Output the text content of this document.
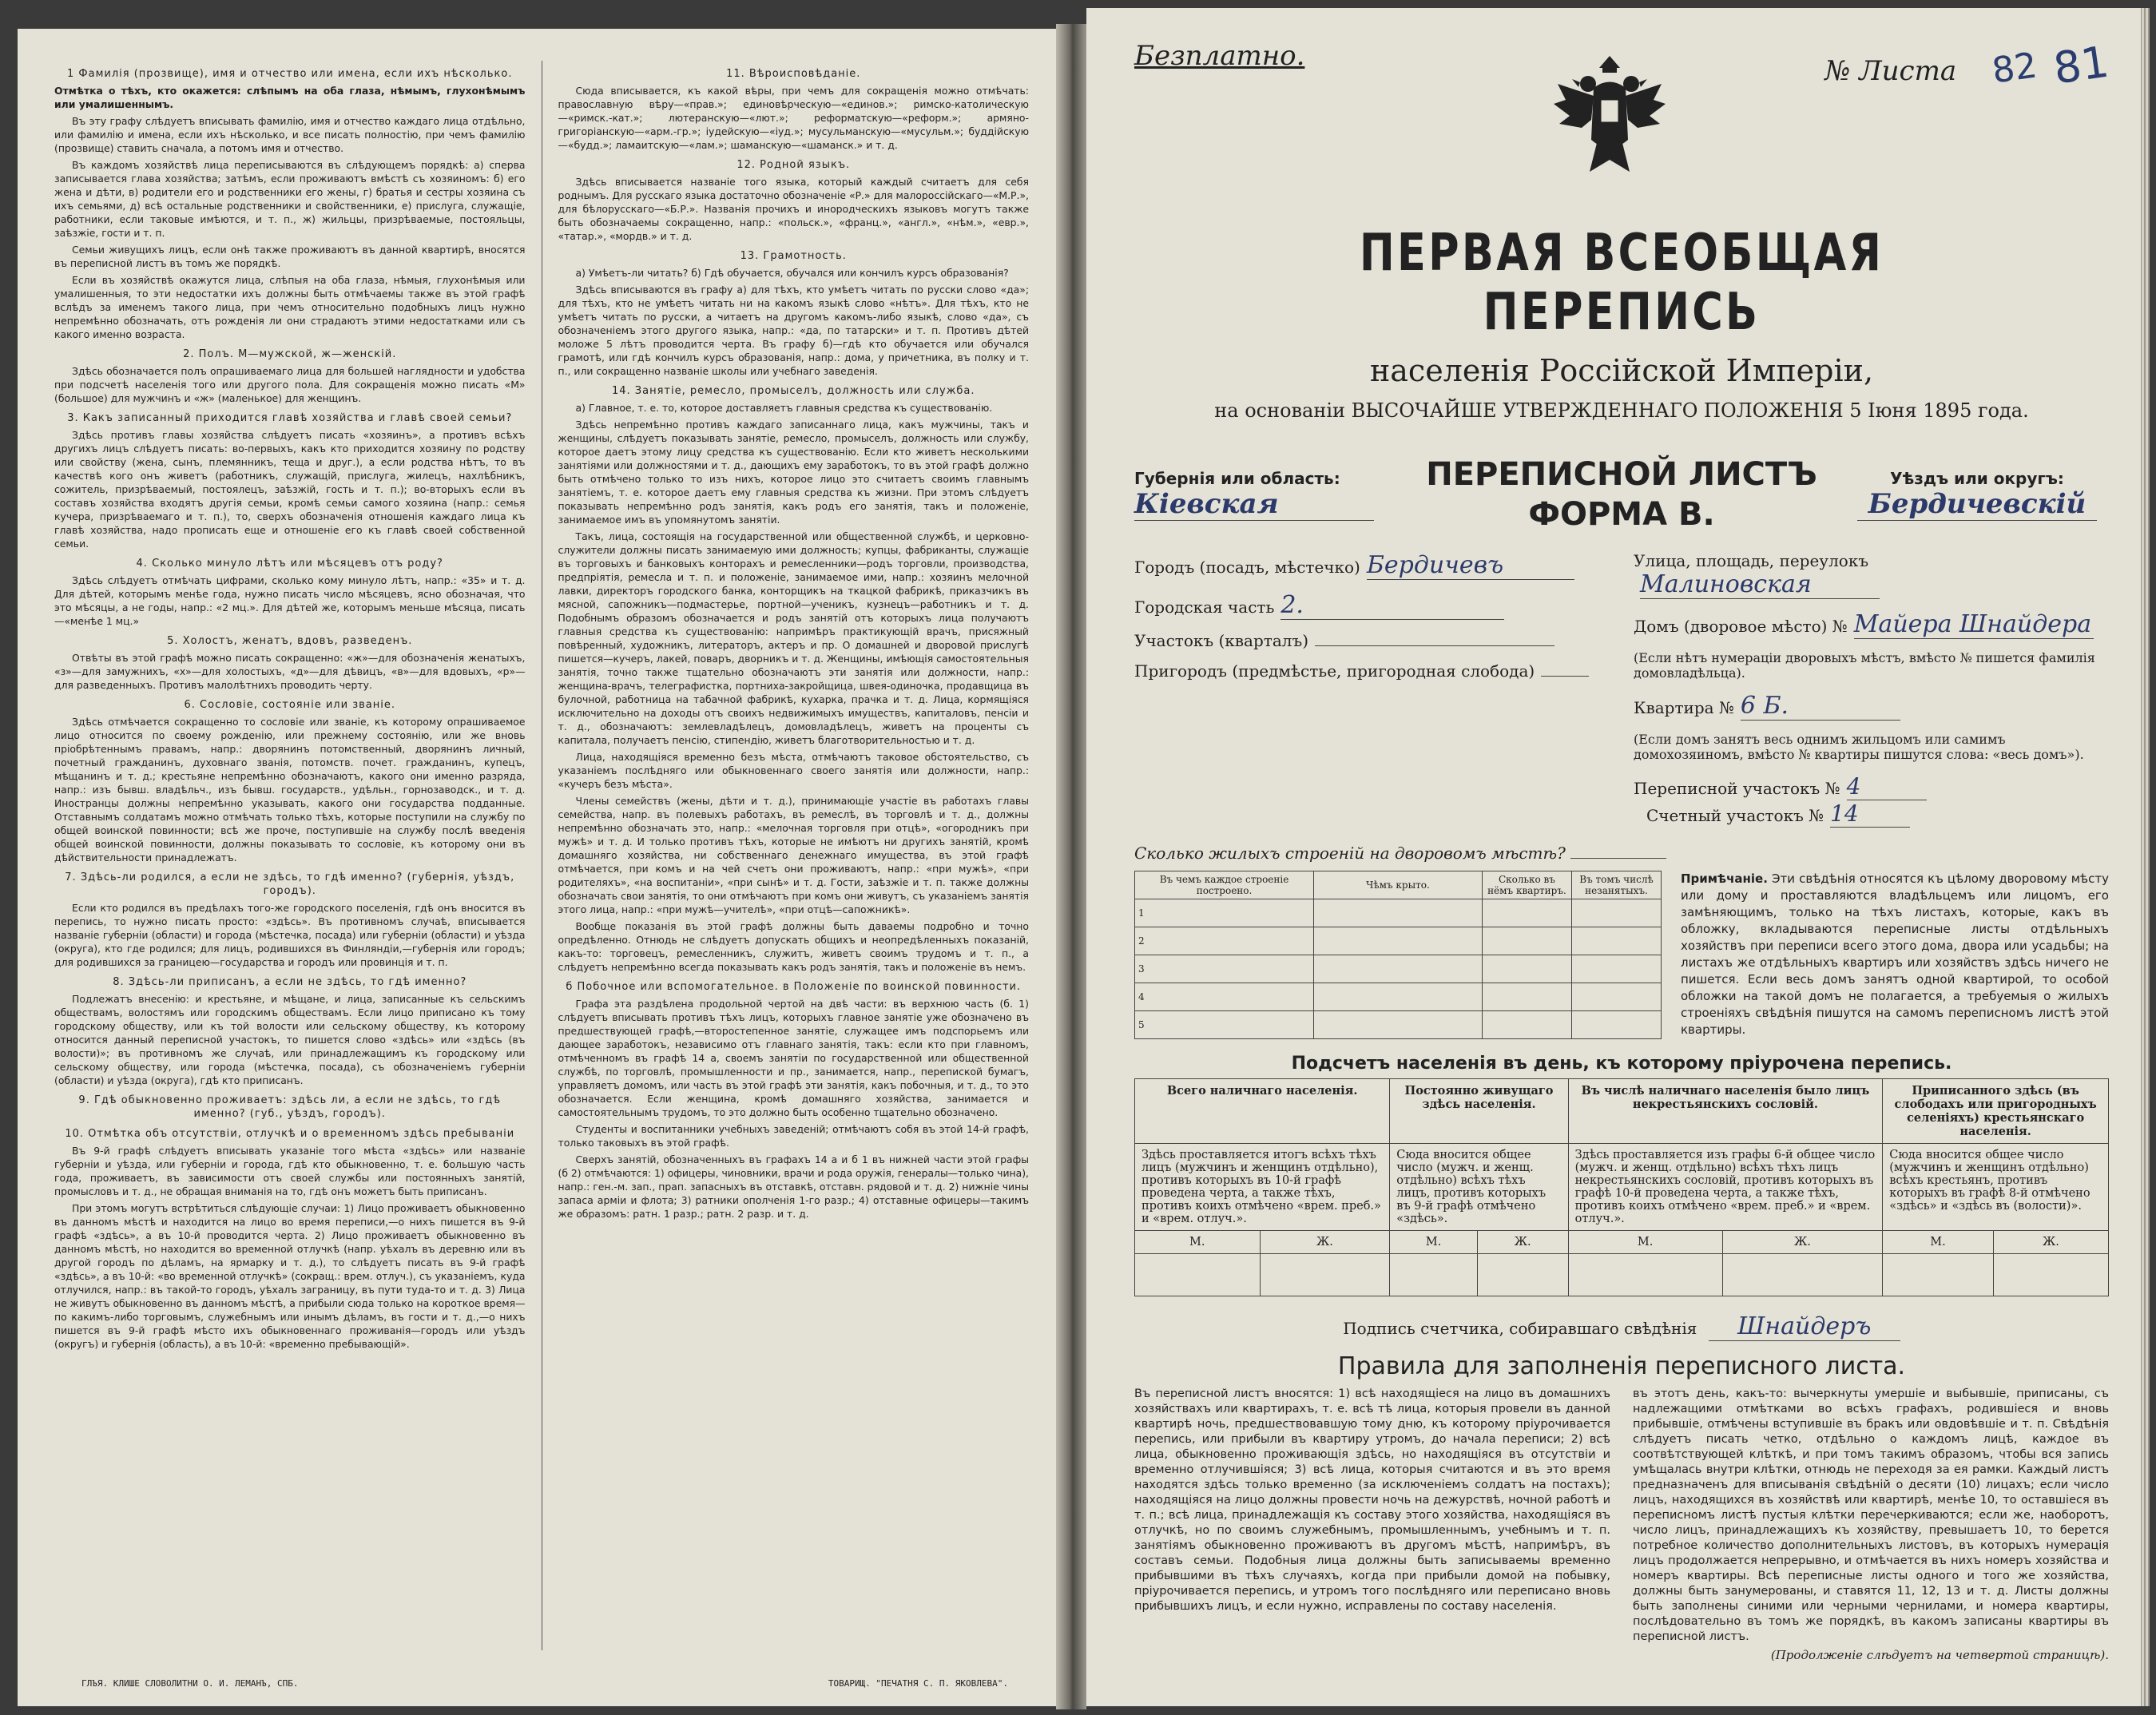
1 Фамилія (прозвище), имя и отчество или имена, если ихъ нѣсколько.

Отмѣтка о тѣхъ, кто окажется: слѣпымъ на оба глаза, нѣмымъ, глухонѣмымъ или умалишеннымъ.

Въ эту графу слѣдуетъ вписывать фамилію, имя и отчество каждаго лица отдѣльно, или фамилію и имена, если ихъ нѣсколько, и все писать полностію, при чемъ фамилію (прозвище) ставить сначала, а потомъ имя и отчество.

Въ каждомъ хозяйствѣ лица переписываются въ слѣдующемъ порядкѣ: а) сперва записывается глава хозяйства; затѣмъ, если проживаютъ вмѣстѣ съ хозяиномъ: б) его жена и дѣти, в) родители его и родственники его жены, г) братья и сестры хозяина съ ихъ семьями, д) всѣ остальные родственники и свойственники, е) прислуга, служащіе, работники, если таковые имѣются, и т. п., ж) жильцы, призрѣваемые, постояльцы, заѣзжіе, гости и т. п.

Семьи живущихъ лицъ, если онѣ также проживаютъ въ данной квартирѣ, вносятся въ переписной листъ въ томъ же порядкѣ.

Если въ хозяйствѣ окажутся лица, слѣпыя на оба глаза, нѣмыя, глухонѣмыя или умалишенныя, то эти недостатки ихъ должны быть отмѣчаемы также въ этой графѣ вслѣдъ за именемъ такого лица, при чемъ относительно подобныхъ лицъ нужно непремѣнно обозначать, отъ рожденія ли они страдаютъ этими недостатками или съ какого именно возраста.

2. Полъ. М—мужской, ж—женскій.

Здѣсь обозначается полъ опрашиваемаго лица для большей наглядности и удобства при подсчетѣ населенія того или другого пола. Для сокращенія можно писать «М» (большое) для мужчинъ и «ж» (маленькое) для женщинъ.

3. Какъ записанный приходится главѣ хозяйства и главѣ своей семьи?

Здѣсь противъ главы хозяйства слѣдуетъ писать «хозяинъ», а противъ всѣхъ другихъ лицъ слѣдуетъ писать: во-первыхъ, какъ кто приходится хозяину по родству или свойству (жена, сынъ, племянникъ, теща и друг.), а если родства нѣтъ, то въ качествѣ кого онъ живетъ (работникъ, служащій, прислуга, жилецъ, нахлѣбникъ, сожитель, призрѣваемый, постоялецъ, заѣзжій, гость и т. п.); во-вторыхъ если въ составъ хозяйства входятъ другія семьи, кромѣ семьи самого хозяина (напр.: семья кучера, призрѣваемаго и т. п.), то, сверхъ обозначенія отношенія каждаго лица къ главѣ хозяйства, надо прописать еще и отношеніе его къ главѣ своей собственной семьи.

4. Сколько минуло лѣтъ или мѣсяцевъ отъ роду?

Здѣсь слѣдуетъ отмѣчать цифрами, сколько кому минуло лѣтъ, напр.: «35» и т. д. Для дѣтей, которымъ менѣе года, нужно писать число мѣсяцевъ, ясно обозначая, что это мѣсяцы, а не годы, напр.: «2 мц.». Для дѣтей же, которымъ меньше мѣсяца, писать—«менѣе 1 мц.»

5. Холостъ, женатъ, вдовъ, разведенъ.

Отвѣты въ этой графѣ можно писать сокращенно: «ж»—для обозначенія женатыхъ, «з»—для замужнихъ, «х»—для холостыхъ, «д»—для дѣвицъ, «в»—для вдовыхъ, «р»—для разведенныхъ. Противъ малолѣтнихъ проводить черту.

6. Сословіе, состояніе или званіе.

Здѣсь отмѣчается сокращенно то сословіе или званіе, къ которому опрашиваемое лицо относится по своему рожденію, или прежнему состоянію, или же вновь пріобрѣтеннымъ правамъ, напр.: дворянинъ потомственный, дворянинъ личный, почетный гражданинъ, духовнаго званія, потомств. почет. гражданинъ, купецъ, мѣщанинъ и т. д.; крестьяне непремѣнно обозначаютъ, какого они именно разряда, напр.: изъ бывш. владѣльч., изъ бывш. государств., удѣльн., горнозаводск., и т. д. Иностранцы должны непремѣнно указывать, какого они государства подданные. Отставнымъ солдатамъ можно отмѣчать только тѣхъ, которые поступили на службу по общей воинской повинности; всѣ же проче, поступившіе на службу послѣ введенія общей воинской повинности, должны показывать то сословіе, къ которому они въ дѣйствительности принадлежатъ.

7. Здѣсь-ли родился, а если не здѣсь, то гдѣ именно? (губернія, уѣздъ, городъ).

Если кто родился въ предѣлахъ того-же городского поселенія, гдѣ онъ вносится въ перепись, то нужно писать просто: «здѣсь». Въ противномъ случаѣ, вписывается названіе губерніи (области) и города (мѣстечка, посада) или губерніи (области) и уѣзда (округа), кто где родился; для лицъ, родившихся въ Финляндіи,—губернія или городъ; для родившихся за границею—государства и городъ или провинція и т. п.

8. Здѣсь-ли приписанъ, а если не здѣсь, то гдѣ именно?

Подлежатъ внесенію: и крестьяне, и мѣщане, и лица, записанные къ сельскимъ обществамъ, волостямъ или городскимъ обществамъ. Если лицо приписано къ тому городскому обществу, или къ той волости или сельскому обществу, къ которому относится данный переписной участокъ, то пишется слово «здѣсь» или «здѣсь (въ волости)»; въ противномъ же случаѣ, или принадлежащимъ къ городскому или сельскому обществу, или города (мѣстечка, посада), съ обозначеніемъ губерніи (области) и уѣзда (округа), гдѣ кто приписанъ.

9. Гдѣ обыкновенно проживаетъ: здѣсь ли, а если не здѣсь, то гдѣ именно? (губ., уѣздъ, городъ).
10. Отмѣтка объ отсутствіи, отлучкѣ и о временномъ здѣсь пребываніи

Въ 9-й графѣ слѣдуетъ вписывать указаніе того мѣста «здѣсь» или названіе губерніи и уѣзда, или губерніи и города, гдѣ кто обыкновенно, т. е. большую часть года, проживаетъ, въ зависимости отъ своей службы или постоянныхъ занятій, промысловъ и т. д., не обращая вниманія на то, гдѣ онъ можетъ быть приписанъ.

При этомъ могутъ встрѣтиться слѣдующіе случаи: 1) Лицо проживаетъ обыкновенно въ данномъ мѣстѣ и находится на лицо во время переписи,—о нихъ пишется въ 9-й графѣ «здѣсь», а въ 10-й проводится черта. 2) Лицо проживаетъ обыкновенно въ данномъ мѣстѣ, но находится во временной отлучкѣ (напр. уѣхалъ въ деревню или въ другой городъ по дѣламъ, на ярмарку и т. д.), то слѣдуетъ писать въ 9-й графѣ «здѣсь», а въ 10-й: «во временной отлучкѣ» (сокращ.: врем. отлуч.), съ указаніемъ, куда отлучился, напр.: въ такой-то городъ, уѣхалъ заграницу, въ пути туда-то и т. д. 3) Лица не живутъ обыкновенно въ данномъ мѣстѣ, а прибыли сюда только на короткое время—по какимъ-либо торговымъ, служебнымъ или инымъ дѣламъ, въ гости и т. д.,—о нихъ пишется въ 9-й графѣ мѣсто ихъ обыкновеннаго проживанія—городъ или уѣздъ (округъ) и губернія (область), а въ 10-й: «временно пребывающій».

11. Вѣроисповѣданіе.

Сюда вписывается, къ какой вѣры, при чемъ для сокращенія можно отмѣчать: православную вѣру—«прав.»; единовѣрческую—«единов.»; римско-католическую—«римск.-кат.»; лютеранскую—«лют.»; реформатскую—«реформ.»; армяно-григоріанскую—«арм.-гр.»; іудейскую—«іуд.»; мусульманскую—«мусульм.»; буддійскую—«будд.»; ламаитскую—«лам.»; шаманскую—«шаманск.» и т. д.

12. Родной языкъ.

Здѣсь вписывается названіе того языка, который каждый считаетъ для себя роднымъ. Для русскаго языка достаточно обозначеніе «Р.» для малороссійскаго—«М.Р.», для бѣлорусскаго—«Б.Р.». Названія прочихъ и инородческихъ языковъ могутъ также быть обозначаемы сокращенно, напр.: «польск.», «франц.», «англ.», «нѣм.», «евр.», «татар.», «мордв.» и т. д.

13. Грамотность.

а) Умѣетъ-ли читать? б) Гдѣ обучается, обучался или кончилъ курсъ образованія?

Здѣсь вписываются въ графу а) для тѣхъ, кто умѣетъ читать по русски слово «да»; для тѣхъ, кто не умѣетъ читать ни на какомъ языкѣ слово «нѣтъ». Для тѣхъ, кто не умѣетъ читать по русски, а читаетъ на другомъ какомъ-либо языкѣ, слово «да», съ обозначеніемъ этого другого языка, напр.: «да, по татарски» и т. п. Противъ дѣтей моложе 5 лѣтъ проводится черта. Въ графу б)—гдѣ кто обучается или обучался грамотѣ, или гдѣ кончилъ курсъ образованія, напр.: дома, у причетника, въ полку и т. п., или сокращенно названіе школы или учебнаго заведенія.

14. Занятіе, ремесло, промыселъ, должность или служба.

а) Главное, т. е. то, которое доставляетъ главныя средства къ существованію.

Здѣсь непремѣнно противъ каждаго записаннаго лица, какъ мужчины, такъ и женщины, слѣдуетъ показывать занятіе, ремесло, промыселъ, должность или службу, которое даетъ этому лицу средства къ существованію. Если кто живетъ несколькими занятіями или должностями и т. д., дающихъ ему заработокъ, то въ этой графѣ должно быть отмѣчено только то изъ нихъ, которое лицо это считаетъ своимъ главнымъ занятіемъ, т. е. которое даетъ ему главныя средства къ жизни. При этомъ слѣдуетъ показывать непремѣнно родъ занятія, какъ родъ его занятія, такъ и положеніе, занимаемое имъ въ упомянутомъ занятіи.

Такъ, лица, состоящія на государственной или общественной службѣ, и церковно-служители должны писать занимаемую ими должность; купцы, фабриканты, служащіе въ торговыхъ и банковыхъ конторахъ и ремесленники—родъ торговли, производства, предпріятія, ремесла и т. п. и положеніе, занимаемое ими, напр.: хозяинъ мелочной лавки, директоръ городского банка, конторщикъ на ткацкой фабрикѣ, приказчикъ въ мясной, сапожникъ—подмастерье, портной—ученикъ, кузнецъ—работникъ и т. д. Подобнымъ образомъ обозначается и родъ занятій отъ которыхъ лица получаютъ главныя средства къ существованію: напримѣръ практикующій врачъ, присяжный повѣренный, художникъ, литераторъ, актеръ и пр. О домашней и дворовой прислугѣ пишется—кучеръ, лакей, поваръ, дворникъ и т. д. Женщины, имѣющія самостоятельныя занятія, точно также тщательно обозначаютъ эти занятія или должности, напр.: женщина-врачъ, телеграфистка, портниха-закройщица, швея-одиночка, продавщица въ булочной, работница на табачной фабрикѣ, кухарка, прачка и т. д. Лица, кормящіяся исключительно на доходы отъ своихъ недвижимыхъ имуществъ, капиталовъ, пенсіи и т. д., обозначаютъ: землевладѣлецъ, домовладѣлецъ, живетъ на проценты съ капитала, получаетъ пенсію, стипендію, живетъ благотворительностью и т. д.

Лица, находящіяся временно безъ мѣста, отмѣчаютъ таковое обстоятельство, съ указаніемъ послѣдняго или обыкновеннаго своего занятія или должности, напр.: «кучеръ безъ мѣста».

Члены семействъ (жены, дѣти и т. д.), принимающіе участіе въ работахъ главы семейства, напр. въ полевыхъ работахъ, въ ремеслѣ, въ торговлѣ и т. д., должны непремѣнно обозначать это, напр.: «мелочная торговля при отцѣ», «огородникъ при мужѣ» и т. д. И только противъ тѣхъ, которые не имѣютъ ни другихъ занятій, кромѣ домашняго хозяйства, ни собственнаго денежнаго имущества, въ этой графѣ отмѣчается, при комъ и на чей счетъ они проживаютъ, напр.: «при мужѣ», «при родителяхъ», «на воспитаніи», «при сынѣ» и т. д. Гости, заѣзжіе и т. п. также должны обозначать свои занятія, то они отмѣчаютъ при комъ они живутъ, съ указаніемъ занятія этого лица, напр.: «при мужѣ—учителѣ», «при отцѣ—сапожникѣ».

Вообще показанія въ этой графѣ должны быть даваемы подробно и точно опредѣленно. Отнюдь не слѣдуетъ допускать общихъ и неопредѣленныхъ показаній, какъ-то: торговецъ, ремесленникъ, служитъ, живетъ своимъ трудомъ и т. п., а слѣдуетъ непремѣнно всегда показывать какъ родъ занятія, такъ и положеніе въ немъ.

б Побочное или вспомогательное. в Положеніе по воинской повинности.

Графа эта раздѣлена продольной чертой на двѣ части: въ верхнюю часть (б. 1) слѣдуетъ вписывать противъ тѣхъ лицъ, которыхъ главное занятіе уже обозначено въ предшествующей графѣ,—второстепенное занятіе, служащее имъ подспорьемъ или дающее заработокъ, независимо отъ главнаго занятія, такъ: если кто при главномъ, отмѣченномъ въ графѣ 14 а, своемъ занятіи по государственной или общественной службѣ, по торговлѣ, промышленности и пр., занимается, напр., перепиской бумагъ, управляетъ домомъ, или часть въ этой графѣ эти занятія, какъ побочныя, и т. д., то это обозначается. Если женщина, кромѣ домашняго хозяйства, занимается и самостоятельнымъ трудомъ, то это должно быть особенно тщательно обозначено.

Студенты и воспитанники учебныхъ заведеній; отмѣчаютъ собя въ этой 14-й графѣ, только таковыхъ въ этой графѣ.

Сверхъ занятій, обозначенныхъ въ графахъ 14 а и б 1 въ нижней части этой графы (б 2) отмѣчаются: 1) офицеры, чиновники, врачи и рода оружія, генералы—только чина), напр.: ген.-м. зап., прап. запасныхъ въ отставкѣ, отставн. рядовой и т. д. 2) нижніе чины запаса арміи и флота; 3) ратники ополченія 1-го разр.; 4) отставные офицеры—такимъ же образомъ: ратн. 1 разр.; ратн. 2 разр. и т. д.

ГЛЪЯ. КЛИШЕ СЛОВОЛИТНИ О. И. ЛЕМАНЪ, СПБ.	ТОВАРИЩ. "ПЕЧАТНЯ С. П. ЯКОВЛЕВА".
Безплатно.	№ Листа 82 81
ПЕРВАЯ ВСЕОБЩАЯ ПЕРЕПИСЬ
населенія Россійской Имперіи,
на основаніи ВЫСОЧАЙШЕ УТВЕРЖДЕННАГО ПОЛОЖЕНІЯ 5 Іюня 1895 года.
Губернія или область:
Кіевская
ПЕРЕПИСНОЙ ЛИСТЪ
ФОРМА В.
Уѣздъ или округъ:
Бердичевскій
Городъ (посадъ, мѣстечко) Бердичевъ
Городская часть 2.
Участокъ (кварталъ)
Пригородъ (предмѣстье, пригородная слобода)
Улица, площадь, переулокъ
Малиновская
Домъ (дворовое мѣсто) № Майера Шнайдера
(Если нѣтъ нумераціи дворовыхъ мѣстъ, вмѣсто № пишется фамилія домовладѣльца).
Квартира № 6 Б.
(Если домъ занятъ весь однимъ жильцомъ или самимъ домохозяиномъ, вмѣсто № квартиры пишутся слова: «весь домъ»).
Переписной участокъ № 4
Счетный участокъ № 14
Сколько жилыхъ строеній на дворовомъ мѣстѣ?
Въ чемъ каждое строеніе построено.	Чѣмъ крыто.	Сколько въ нёмъ квартиръ.	Въ томъ числѣ незанятыхъ.
1			
2			
3			
4			
5			
Примѣчаніе. Эти свѣдѣнія относятся къ цѣлому дворовому мѣсту или дому и проставляются владѣльцемъ или лицомъ, его замѣняющимъ, только на тѣхъ листахъ, которые, какъ въ обложку, вкладываются переписные листы отдѣльныхъ хозяйствъ при переписи всего этого дома, двора или усадьбы; на листахъ же отдѣльныхъ квартиръ или хозяйствъ здѣсь ничего не пишется. Если весь домъ занятъ одной квартирой, то особой обложки на такой домъ не полагается, а требуемыя о жилыхъ строеніяхъ свѣдѣнія пишутся на самомъ переписномъ листѣ этой квартиры.
Подсчетъ населенія въ день, къ которому пріурочена перепись.
Всего наличнаго населенія.		Постоянно живущаго здѣсь населенія.		Въ числѣ наличнаго населенія было лицъ некрестьянскихъ сословій.		Приписанного здѣсь (въ слободахъ или пригородныхъ селеніяхъ) крестьянскаго населенія.	
Здѣсь проставляется итогъ всѣхъ тѣхъ лицъ (мужчинъ и женщинъ отдѣльно), противъ которыхъ въ 10-й графѣ проведена черта, а также тѣхъ, противъ коихъ отмѣчено «врем. преб.» и «врем. отлуч.».		Сюда вносится общее число (мужч. и женщ. отдѣльно) всѣхъ тѣхъ лицъ, противъ которыхъ въ 9-й графѣ отмѣчено «здѣсь».		Здѣсь проставляется изъ графы 6-й общее число (мужч. и женщ. отдѣльно) всѣхъ тѣхъ лицъ некрестьянскихъ сословій, противъ которыхъ въ графѣ 10-й проведена черта, а также тѣхъ, противъ коихъ отмѣчено «врем. преб.» и «врем. отлуч.».		Сюда вносится общее число (мужчинъ и женщинъ отдѣльно) всѣхъ крестьянъ, противъ которыхъ въ графѣ 8-й отмѣчено «здѣсь» и «здѣсь въ (волости)».	
М.	Ж.	М.	Ж.	М.	Ж.	М.	Ж.

Подпись счетчика, собиравшаго свѣдѣнія Шнайдеръ
Правила для заполненія переписного листа.
Въ переписной листъ вносятся: 1) всѣ находящіеся на лицо въ домашнихъ хозяйствахъ или квартирахъ, т. е. всѣ тѣ лица, которыя провели въ данной квартирѣ ночь, предшествовавшую тому дню, къ которому пріурочивается перепись, или прибыли въ квартиру утромъ, до начала переписи; 2) всѣ лица, обыкновенно проживающія здѣсь, но находящіяся въ отсутствіи и временно отлучившіяся; 3) всѣ лица, которыя считаются и въ это время находятся здѣсь только временно (за исключеніемъ солдатъ на постахъ); находящіяся на лицо должны провести ночь на дежурствѣ, ночной работѣ и т. п.; всѣ лица, принадлежащія къ составу этого хозяйства, находящіяся въ отлучкѣ, но по своимъ служебнымъ, промышленнымъ, учебнымъ и т. п. занятіямъ обыкновенно проживаютъ въ другомъ мѣстѣ, напримѣръ, въ составъ семьи. Подобныя лица должны быть записываемы временно прибывшими въ тѣхъ случаяхъ, когда при прибыли домой на побывку, пріурочивается перепись, и утромъ того послѣдняго или переписано вновь прибывшихъ лицъ, и если нужно, исправлены по составу населенія.
въ этотъ день, какъ-то: вычеркнуты умершіе и выбывшіе, приписаны, съ надлежащими отмѣтками во всѣхъ графахъ, родившіеся и вновь прибывшіе, отмѣчены вступившіе въ бракъ или овдовѣвшіе и т. п. Свѣдѣнія слѣдуетъ писать четко, отдѣльно о каждомъ лицѣ, каждое въ соотвѣтствующей клѣткѣ, и при томъ такимъ образомъ, чтобы вся запись умѣщалась внутри клѣтки, отнюдь не переходя за ея рамки. Каждый листъ предназначенъ для вписыванія свѣдѣній о десяти (10) лицахъ; если число лицъ, находящихся въ хозяйствѣ или квартирѣ, менѣе 10, то оставшіеся въ переписномъ листѣ пустыя клѣтки перечеркиваются; если же, наоборотъ, число лицъ, принадлежащихъ къ хозяйству, превышаетъ 10, то берется потребное количество дополнительныхъ листовъ, въ которыхъ нумерація лицъ продолжается непрерывно, и отмѣчается въ нихъ номеръ хозяйства и номеръ квартиры. Всѣ переписные листы одного и того же хозяйства, должны быть занумерованы, и ставятся 11, 12, 13 и т. д. Листы должны быть заполнены синими или черными чернилами, и номера квартиры, послѣдовательно въ томъ же порядкѣ, въ какомъ записаны квартиры въ переписной листъ.
(Продолженіе слѣдуетъ на четвертой страницѣ).
